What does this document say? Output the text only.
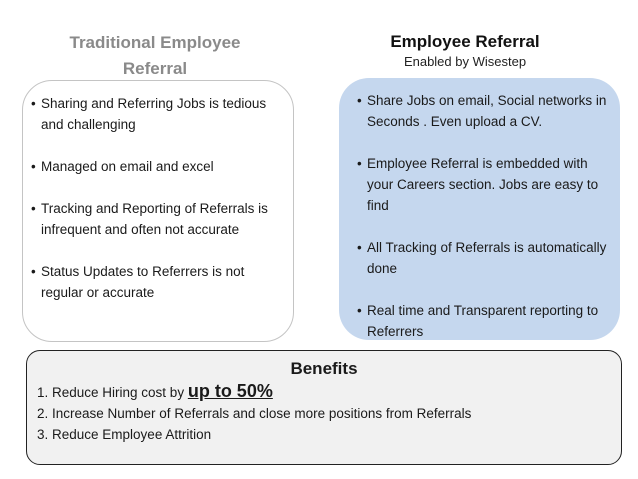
Traditional Employee
Referral
Employee Referral
Enabled by Wisestep
• Sharing and Referring Jobs is tedious and challenging
• Managed on email and excel
• Tracking and Reporting of Referrals is infrequent and often not accurate
• Status Updates to Referrers is not regular or accurate
• Share Jobs on email, Social networks in Seconds . Even upload a CV.
• Employee Referral is embedded with your Careers section. Jobs are easy to find
• All Tracking of Referrals is automatically done
• Real time and Transparent reporting to Referrers
Benefits
1. Reduce Hiring cost by up to 50%
2. Increase Number of Referrals and close more positions from Referrals
3. Reduce Employee Attrition
